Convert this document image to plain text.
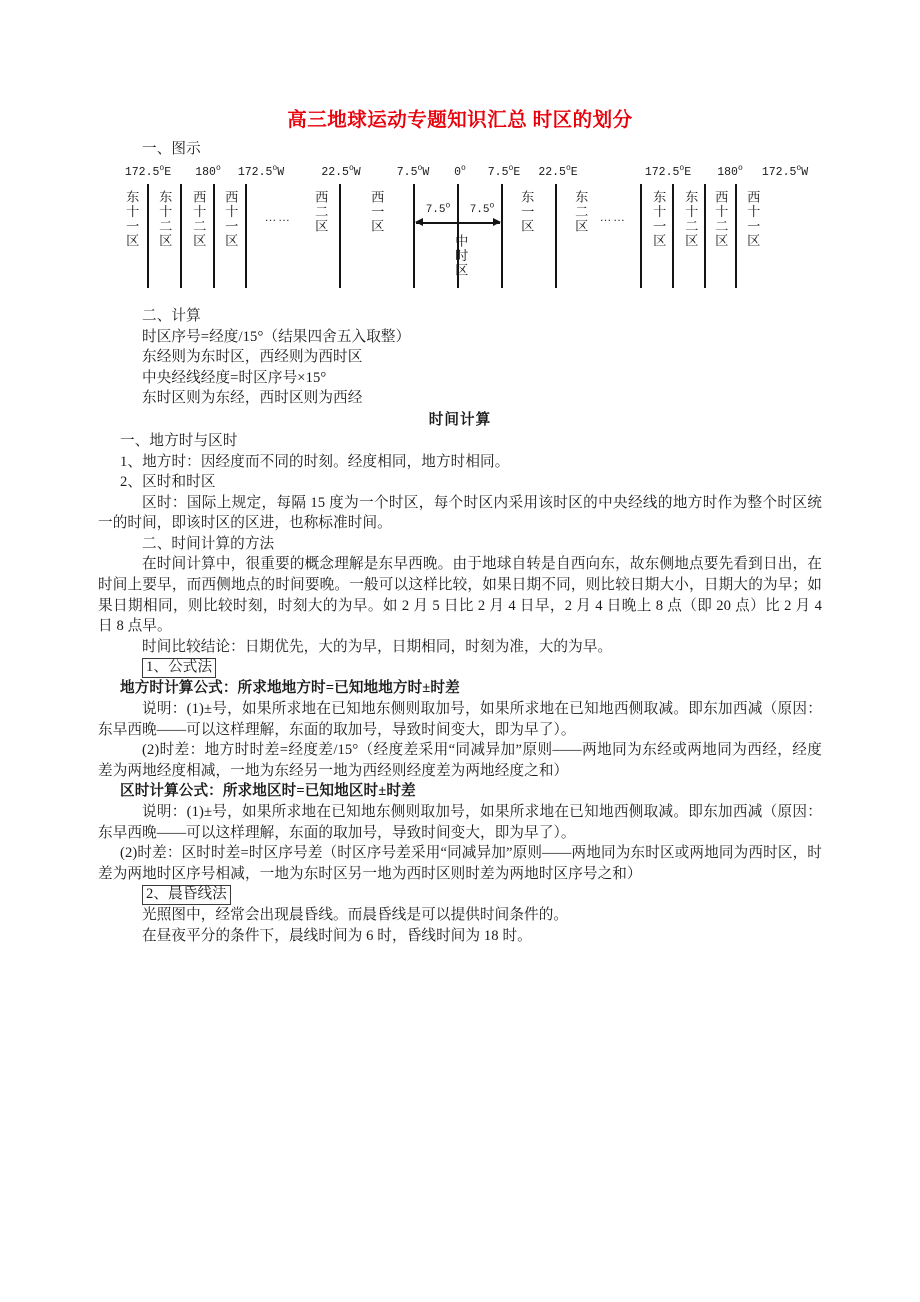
高三地球运动专题知识汇总 时区的划分

一、图示

172.5$^o$E 180$^o$ 172.5$^o$W	22.5$^o$W	7.5$^o$W 0$^o$ 7.5$^o$E 22.5$^o$E	172.5$^o$E 180$^o$ 172.5$^o$W
东十一区 东十二区 西十二区 西十一区	西二区	西一区	东一区	东二区	东十一区 东十二区 西十二区 西十一区
……	……
中时区
7.5$^o$ 7.5$^o$

二、计算

时区序号=经度/15°（结果四舍五入取整）

东经则为东时区，西经则为西时区

中央经线经度=时区序号×15°

东时区则为东经，西时区则为西经

时间计算

一、地方时与区时

1、地方时：因经度而不同的时刻。经度相同，地方时相同。

2、区时和时区

区时：国际上规定，每隔 15 度为一个时区，每个时区内采用该时区的中央经线的地方时作为整个时区统一的时间，即该时区的区进，也称标准时间。

二、时间计算的方法

在时间计算中，很重要的概念理解是东早西晚。由于地球自转是自西向东，故东侧地点要先看到日出，在时间上要早，而西侧地点的时间要晚。一般可以这样比较，如果日期不同，则比较日期大小，日期大的为早；如果日期相同，则比较时刻，时刻大的为早。如 2 月 5 日比 2 月 4 日早，2 月 4 日晚上 8 点（即 20 点）比 2 月 4 日 8 点早。

时间比较结论：日期优先，大的为早，日期相同，时刻为准，大的为早。

1、公式法

地方时计算公式：所求地地方时=已知地地方时±时差

说明：(1)±号，如果所求地在已知地东侧则取加号，如果所求地在已知地西侧取减。即东加西减（原因：东早西晚——可以这样理解，东面的取加号，导致时间变大，即为早了）。

(2)时差：地方时时差=经度差/15°（经度差采用“同减异加”原则——两地同为东经或两地同为西经，经度差为两地经度相减，一地为东经另一地为西经则经度差为两地经度之和）

区时计算公式：所求地区时=已知地区时±时差

说明：(1)±号，如果所求地在已知地东侧则取加号，如果所求地在已知地西侧取减。即东加西减（原因：东早西晚——可以这样理解，东面的取加号，导致时间变大，即为早了）。

(2)时差：区时时差=时区序号差（时区序号差采用“同减异加”原则——两地同为东时区或两地同为西时区，时差为两地时区序号相减，一地为东时区另一地为西时区则时差为两地时区序号之和）

2、晨昏线法

光照图中，经常会出现晨昏线。而晨昏线是可以提供时间条件的。

在昼夜平分的条件下，晨线时间为 6 时，昏线时间为 18 时。
